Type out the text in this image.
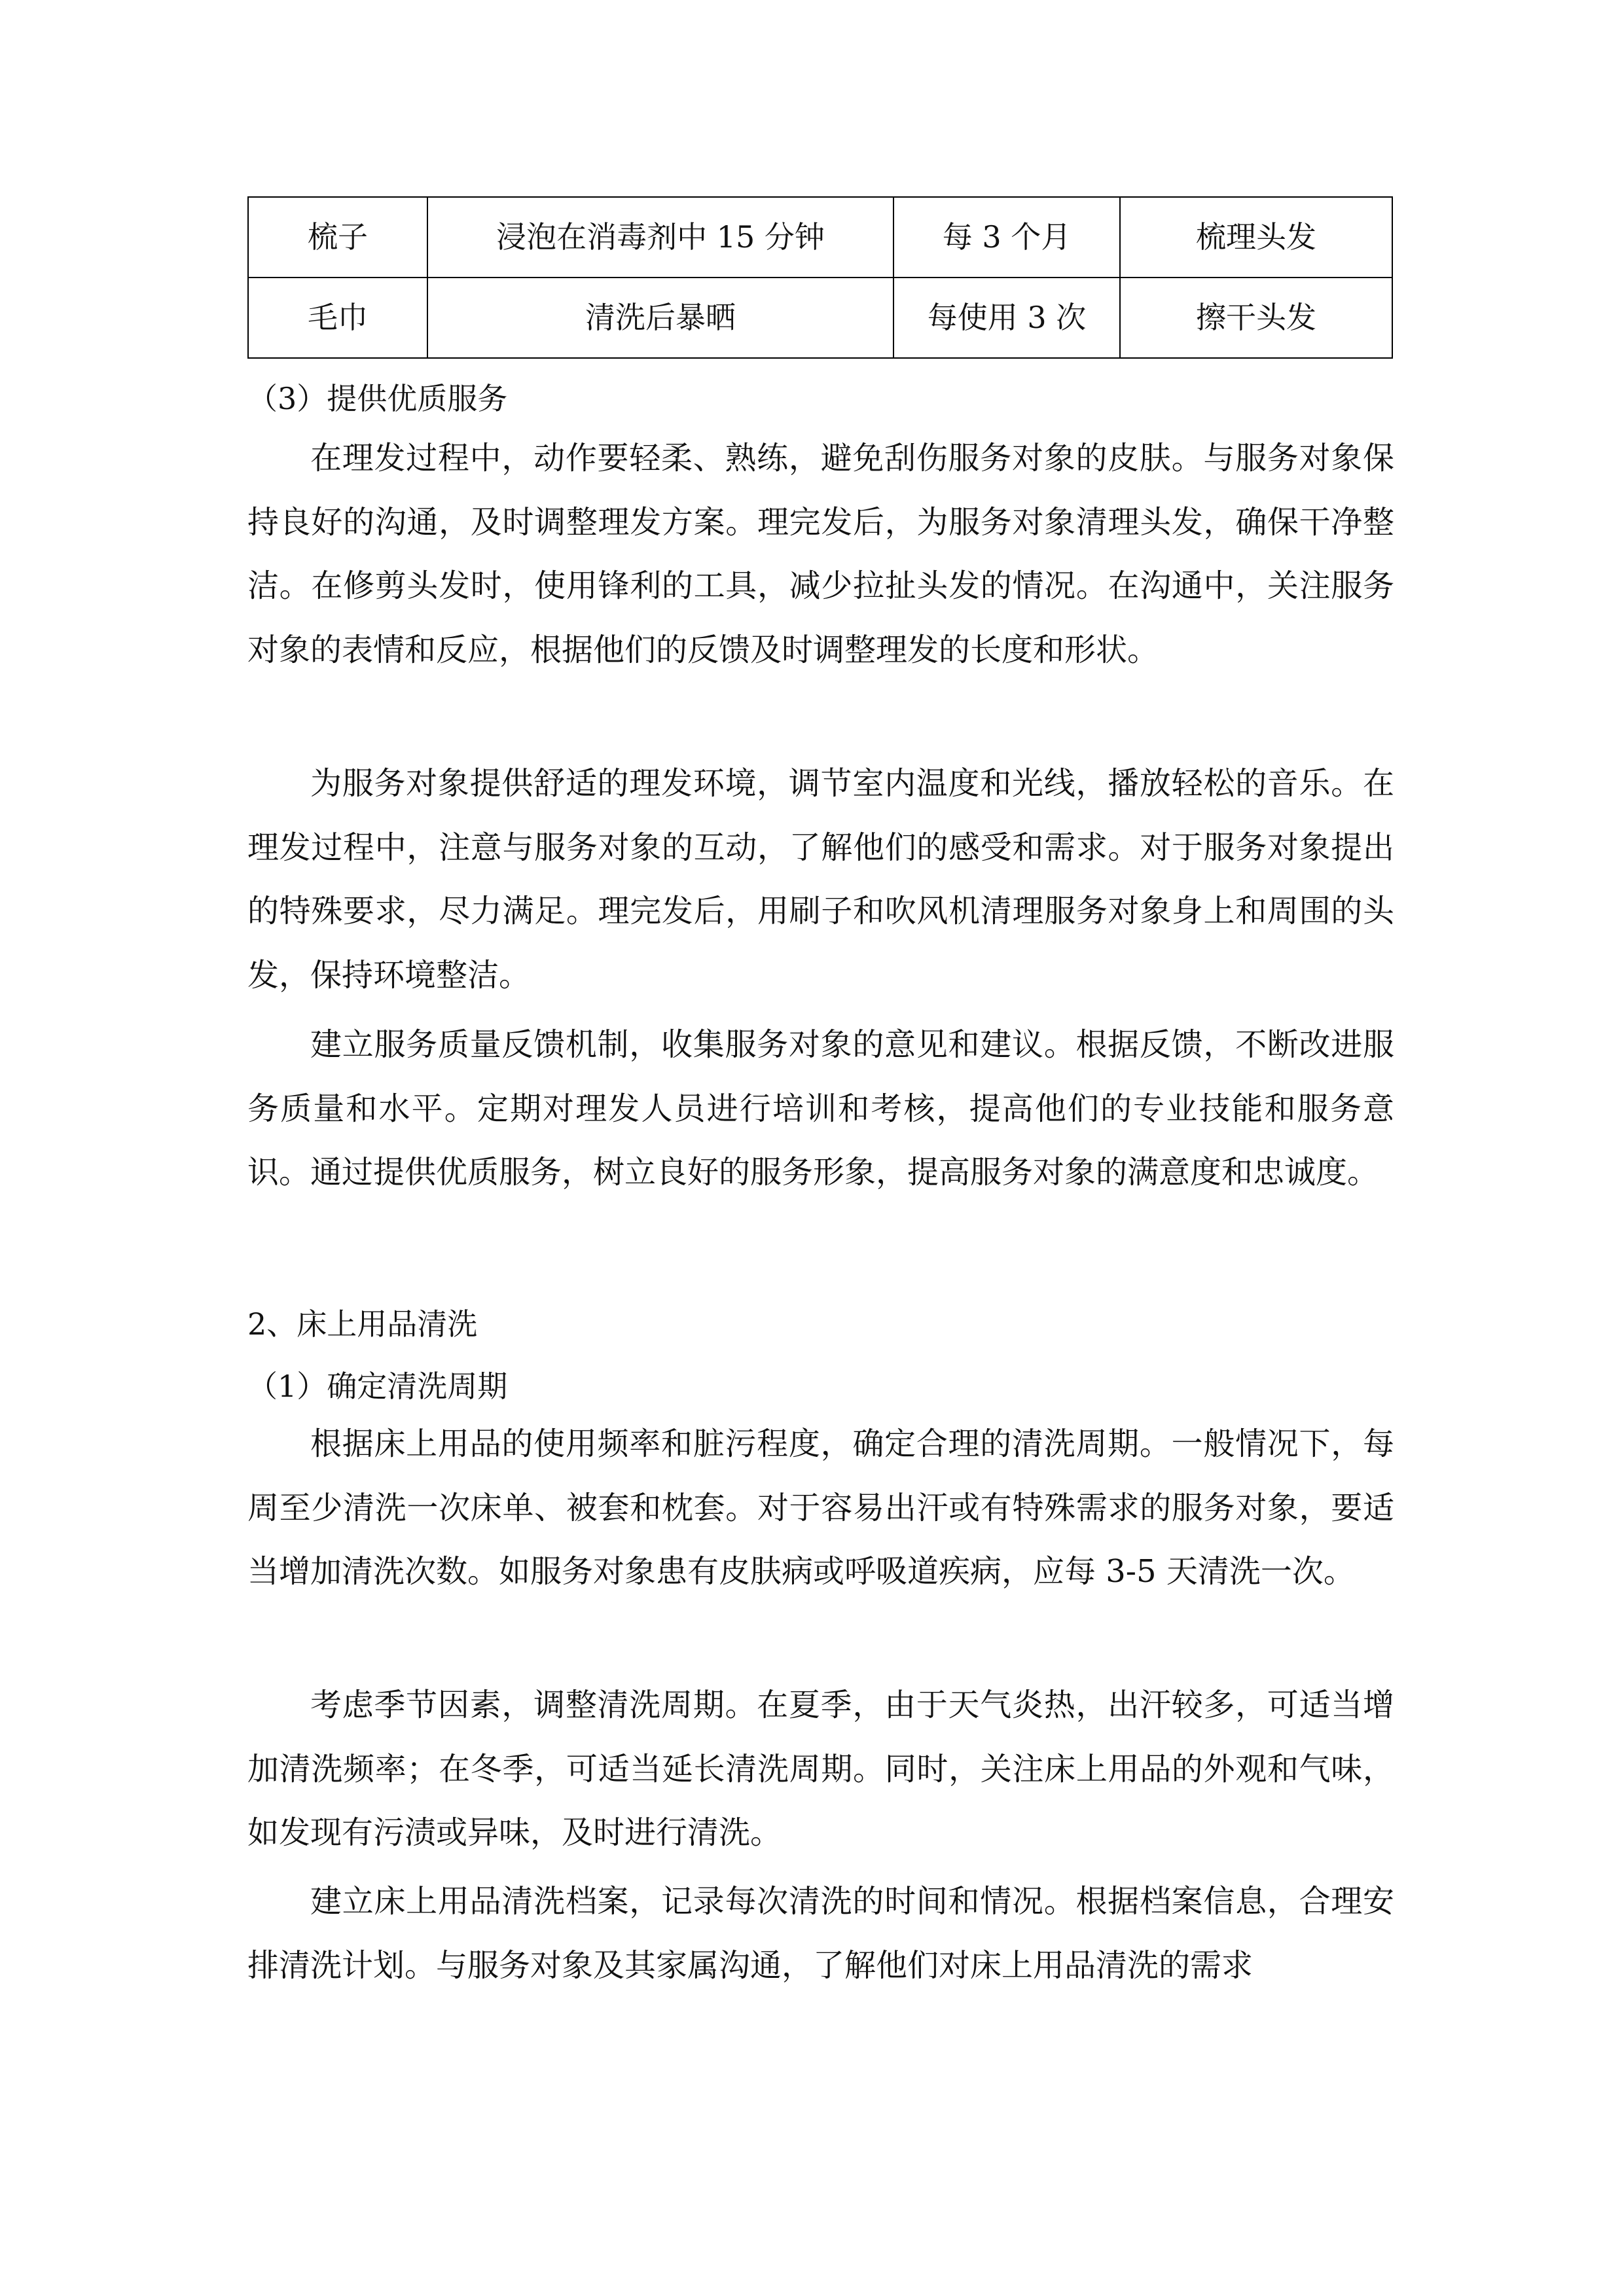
梳子	浸泡在消毒剂中 15 分钟	每 3 个月	梳理头发
毛巾	清洗后暴晒	每使用 3 次	擦干头发
（3）提供优质服务

在理发过程中，动作要轻柔、熟练，避免刮伤服务对象的皮肤。与服务对象保持良好的沟通，及时调整理发方案。理完发后，为服务对象清理头发，确保干净整洁。在修剪头发时，使用锋利的工具，减少拉扯头发的情况。在沟通中，关注服务对象的表情和反应，根据他们的反馈及时调整理发的长度和形状。

为服务对象提供舒适的理发环境，调节室内温度和光线，播放轻松的音乐。在理发过程中，注意与服务对象的互动，了解他们的感受和需求。对于服务对象提出的特殊要求，尽力满足。理完发后，用刷子和吹风机清理服务对象身上和周围的头发，保持环境整洁。

建立服务质量反馈机制，收集服务对象的意见和建议。根据反馈，不断改进服务质量和水平。定期对理发人员进行培训和考核，提高他们的专业技能和服务意识。通过提供优质服务，树立良好的服务形象，提高服务对象的满意度和忠诚度。

2、床上用品清洗
（1）确定清洗周期

根据床上用品的使用频率和脏污程度，确定合理的清洗周期。一般情况下，每周至少清洗一次床单、被套和枕套。对于容易出汗或有特殊需求的服务对象，要适当增加清洗次数。如服务对象患有皮肤病或呼吸道疾病，应每 3-5 天清洗一次。

考虑季节因素，调整清洗周期。在夏季，由于天气炎热，出汗较多，可适当增加清洗频率；在冬季，可适当延长清洗周期。同时，关注床上用品的外观和气味，如发现有污渍或异味，及时进行清洗。

建立床上用品清洗档案，记录每次清洗的时间和情况。根据档案信息，合理安排清洗计划。与服务对象及其家属沟通，了解他们对床上用品清洗的需求
